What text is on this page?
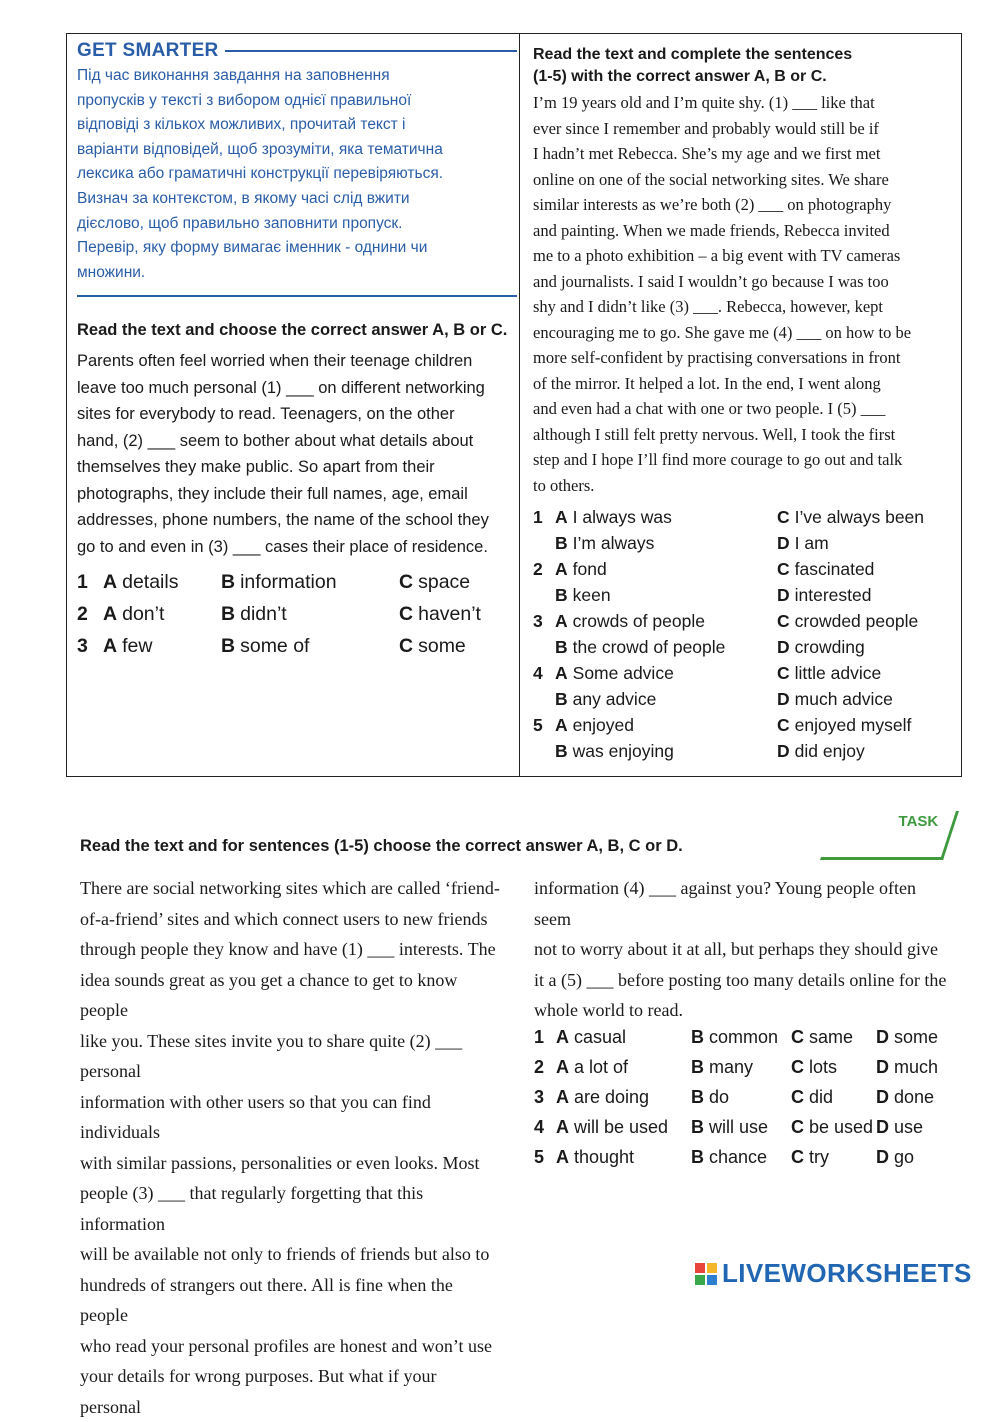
GET SMARTER
Під час виконання завдання на заповнення
пропусків у тексті з вибором однієї правильної
відповіді з кількох можливих, прочитай текст і
варіанти відповідей, щоб зрозуміти, яка тематична
лексика або граматичні конструкції перевіряються.
Визнач за контекстом, в якому часі слід вжити
дієслово, щоб правильно заповнити пропуск.
Перевір, яку форму вимагає іменник - однини чи
множини.
Read the text and choose the correct answer A, B or C.
Parents often feel worried when their teenage children
leave too much personal (1) ___ on different networking
sites for everybody to read. Teenagers, on the other
hand, (2) ___ seem to bother about what details about
themselves they make public. So apart from their
photographs, they include their full names, age, email
addresses, phone numbers, the name of the school they
go to and even in (3) ___ cases their place of residence.
1 A details	B information	C space
2 A don’t	B didn’t	C haven’t
3 A few	B some of	C some
Read the text and complete the sentences
(1-5) with the correct answer A, B or C.
I’m 19 years old and I’m quite shy. (1) ___ like that
ever since I remember and probably would still be if
I hadn’t met Rebecca. She’s my age and we first met
online on one of the social networking sites. We share
similar interests as we’re both (2) ___ on photography
and painting. When we made friends, Rebecca invited
me to a photo exhibition – a big event with TV cameras
and journalists. I said I wouldn’t go because I was too
shy and I didn’t like (3) ___. Rebecca, however, kept
encouraging me to go. She gave me (4) ___ on how to be
more self-confident by practising conversations in front
of the mirror. It helped a lot. In the end, I went along
and even had a chat with one or two people. I (5) ___
although I still felt pretty nervous. Well, I took the first
step and I hope I’ll find more courage to go out and talk
to others.
1 A I always was	C I’ve always been
B I’m always	D I am
2 A fond	C fascinated
B keen	D interested
3 A crowds of people	C crowded people
B the crowd of people	D crowding
4 A Some advice	C little advice
B any advice	D much advice
5 A enjoyed	C enjoyed myself
B was enjoying	D did enjoy
TASK
Read the text and for sentences (1-5) choose the correct answer A, B, C or D.
There are social networking sites which are called ‘friend-
of-a-friend’ sites and which connect users to new friends
through people they know and have (1) ___ interests. The
idea sounds great as you get a chance to get to know people
like you. These sites invite you to share quite (2) ___ personal
information with other users so that you can find individuals
with similar passions, personalities or even looks. Most
people (3) ___ that regularly forgetting that this information
will be available not only to friends of friends but also to
hundreds of strangers out there. All is fine when the people
who read your personal profiles are honest and won’t use
your details for wrong purposes. But what if your personal
information (4) ___ against you? Young people often seem
not to worry about it at all, but perhaps they should give
it a (5) ___ before posting too many details online for the
whole world to read.
1 A casual	B common C same	D some
2 A a lot of	B many	C lots	D much
3 A are doing	B do	C did	D done
4 A will be used	B will use	C be used D use
5 A thought	B chance	C try	D go
LIVEWORKSHEETS
